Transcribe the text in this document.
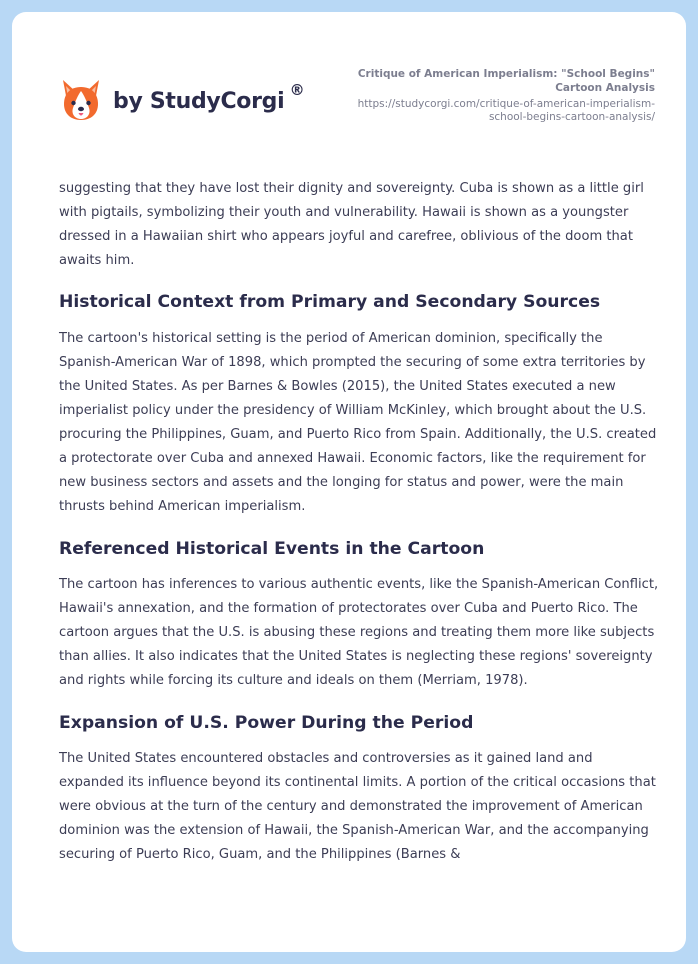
by StudyCorgi ®
Critique of American Imperialism: "School Begins" Cartoon Analysis
https://studycorgi.com/critique-of-american-imperialism-school-begins-cartoon-analysis/

suggesting that they have lost their dignity and sovereignty. Cuba is shown as a little girl with pigtails, symbolizing their youth and vulnerability. Hawaii is shown as a youngster dressed in a Hawaiian shirt who appears joyful and carefree, oblivious of the doom that awaits him.

Historical Context from Primary and Secondary Sources

The cartoon's historical setting is the period of American dominion, specifically the Spanish-American War of 1898, which prompted the securing of some extra territories by the United States. As per Barnes & Bowles (2015), the United States executed a new imperialist policy under the presidency of William McKinley, which brought about the U.S. procuring the Philippines, Guam, and Puerto Rico from Spain. Additionally, the U.S. created a protectorate over Cuba and annexed Hawaii. Economic factors, like the requirement for new business sectors and assets and the longing for status and power, were the main thrusts behind American imperialism.

Referenced Historical Events in the Cartoon

The cartoon has inferences to various authentic events, like the Spanish-American Conflict, Hawaii's annexation, and the formation of protectorates over Cuba and Puerto Rico. The cartoon argues that the U.S. is abusing these regions and treating them more like subjects than allies. It also indicates that the United States is neglecting these regions' sovereignty and rights while forcing its culture and ideals on them (Merriam, 1978).

Expansion of U.S. Power During the Period

The United States encountered obstacles and controversies as it gained land and expanded its influence beyond its continental limits. A portion of the critical occasions that were obvious at the turn of the century and demonstrated the improvement of American dominion was the extension of Hawaii, the Spanish-American War, and the accompanying securing of Puerto Rico, Guam, and the Philippines (Barnes &
